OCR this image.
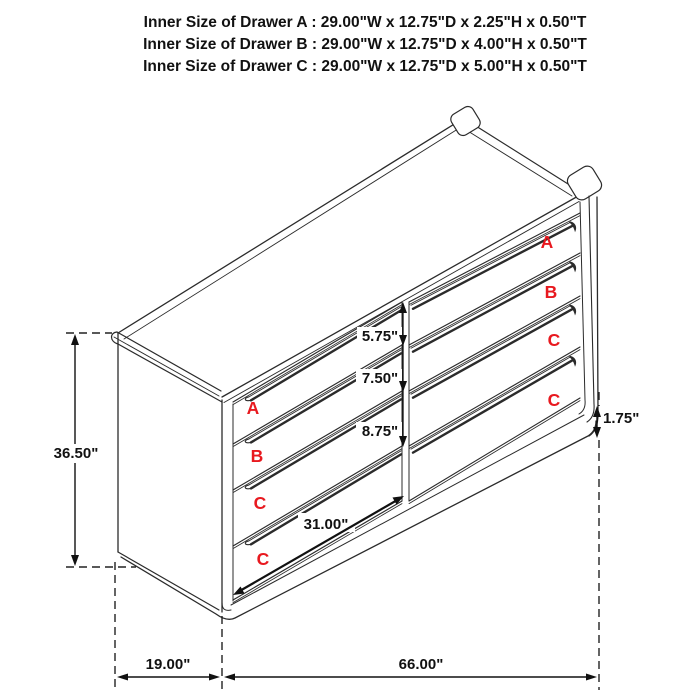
Inner Size of Drawer A : 29.00"W x 12.75"D x 2.25"H x 0.50"T
Inner Size of Drawer B : 29.00"W x 12.75"D x 4.00"H x 0.50"T
Inner Size of Drawer C : 29.00"W x 12.75"D x 5.00"H x 0.50"T
A
B
C
C
A
B
C
C
36.50"
19.00"	66.00"
1.75"
5.75"
7.50"
8.75"
31.00"
